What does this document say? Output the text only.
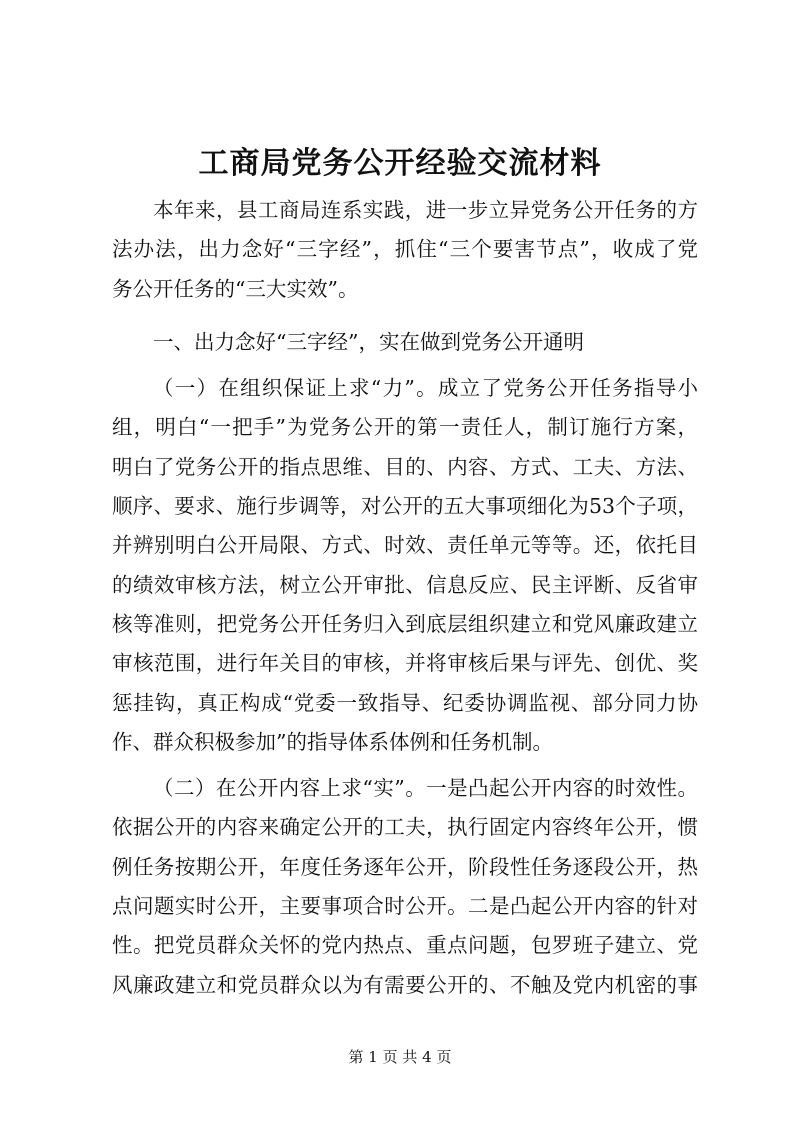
工商局党务公开经验交流材料
本年来，县工商局连系实践，进一步立异党务公开任务的方
法办法，出力念好“三字经”，抓住“三个要害节点”，收成了党
务公开任务的“三大实效”。
一、出力念好“三字经”，实在做到党务公开通明
（一）在组织保证上求“力”。成立了党务公开任务指导小
组，明白“一把手”为党务公开的第一责任人，制订施行方案，
明白了党务公开的指点思维、目的、内容、方式、工夫、方法、
顺序、要求、施行步调等，对公开的五大事项细化为53个子项，
并辨别明白公开局限、方式、时效、责任单元等等。还，依托目
的绩效审核方法，树立公开审批、信息反应、民主评断、反省审
核等准则，把党务公开任务归入到底层组织建立和党风廉政建立
审核范围，进行年关目的审核，并将审核后果与评先、创优、奖
惩挂钩，真正构成“党委一致指导、纪委协调监视、部分同力协
作、群众积极参加”的指导体系体例和任务机制。
（二）在公开内容上求“实”。一是凸起公开内容的时效性。
依据公开的内容来确定公开的工夫，执行固定内容终年公开，惯
例任务按期公开，年度任务逐年公开，阶段性任务逐段公开，热
点问题实时公开，主要事项合时公开。二是凸起公开内容的针对
性。把党员群众关怀的党内热点、重点问题，包罗班子建立、党
风廉政建立和党员群众以为有需要公开的、不触及党内机密的事
第 1 页 共 4 页
